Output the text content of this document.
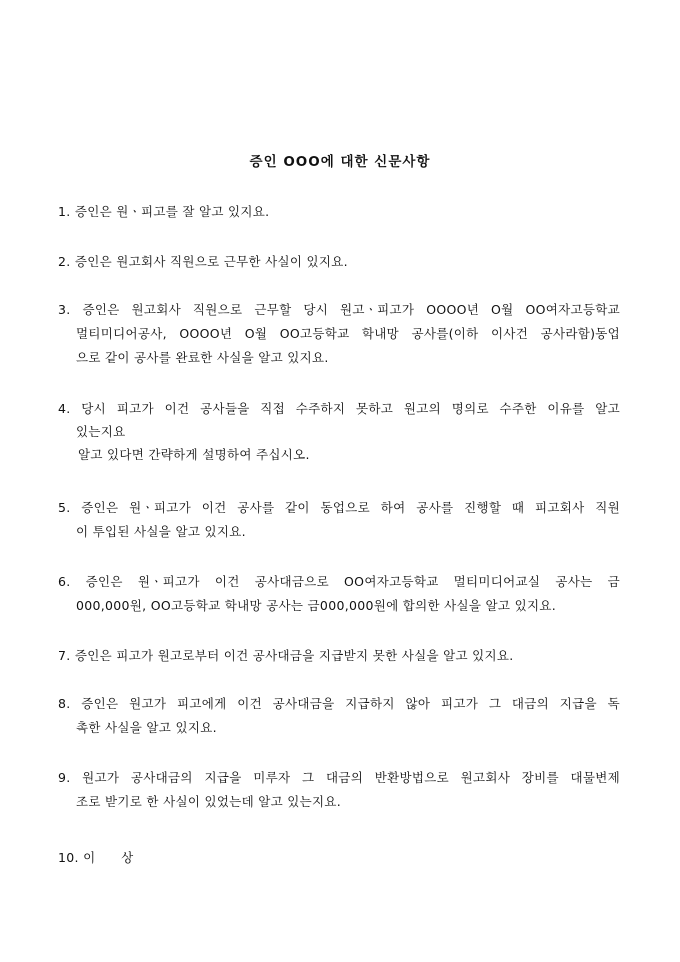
증인 OOO에 대한 신문사항
1. 증인은 원ㆍ피고를 잘 알고 있지요.
2. 증인은 원고회사 직원으로 근무한 사실이 있지요.
3. 증인은 원고회사 직원으로 근무할 당시 원고ㆍ피고가 OOOO년 O월 OO여자고등학교
멀티미디어공사, OOOO년 O월 OO고등학교 학내망 공사를(이하 이사건 공사라함)동업
으로 같이 공사를 완료한 사실을 알고 있지요.
4. 당시 피고가 이건 공사들을 직접 수주하지 못하고 원고의 명의로 수주한 이유를 알고
있는지요
알고 있다면 간략하게 설명하여 주십시오.
5. 증인은 원ㆍ피고가 이건 공사를 같이 동업으로 하여 공사를 진행할 때 피고회사 직원
이 투입된 사실을 알고 있지요.
6. 증인은 원ㆍ피고가 이건 공사대금으로 OO여자고등학교 멀티미디어교실 공사는 금
000,000원, OO고등학교 학내망 공사는 금000,000원에 합의한 사실을 알고 있지요.
7. 증인은 피고가 원고로부터 이건 공사대금을 지급받지 못한 사실을 알고 있지요.
8. 증인은 원고가 피고에게 이건 공사대금을 지급하지 않아 피고가 그 대금의 지급을 독
촉한 사실을 알고 있지요.
9. 원고가 공사대금의 지급을 미루자 그 대금의 반환방법으로 원고회사 장비를 대물변제
조로 받기로 한 사실이 있었는데 알고 있는지요.
10. 이      상
